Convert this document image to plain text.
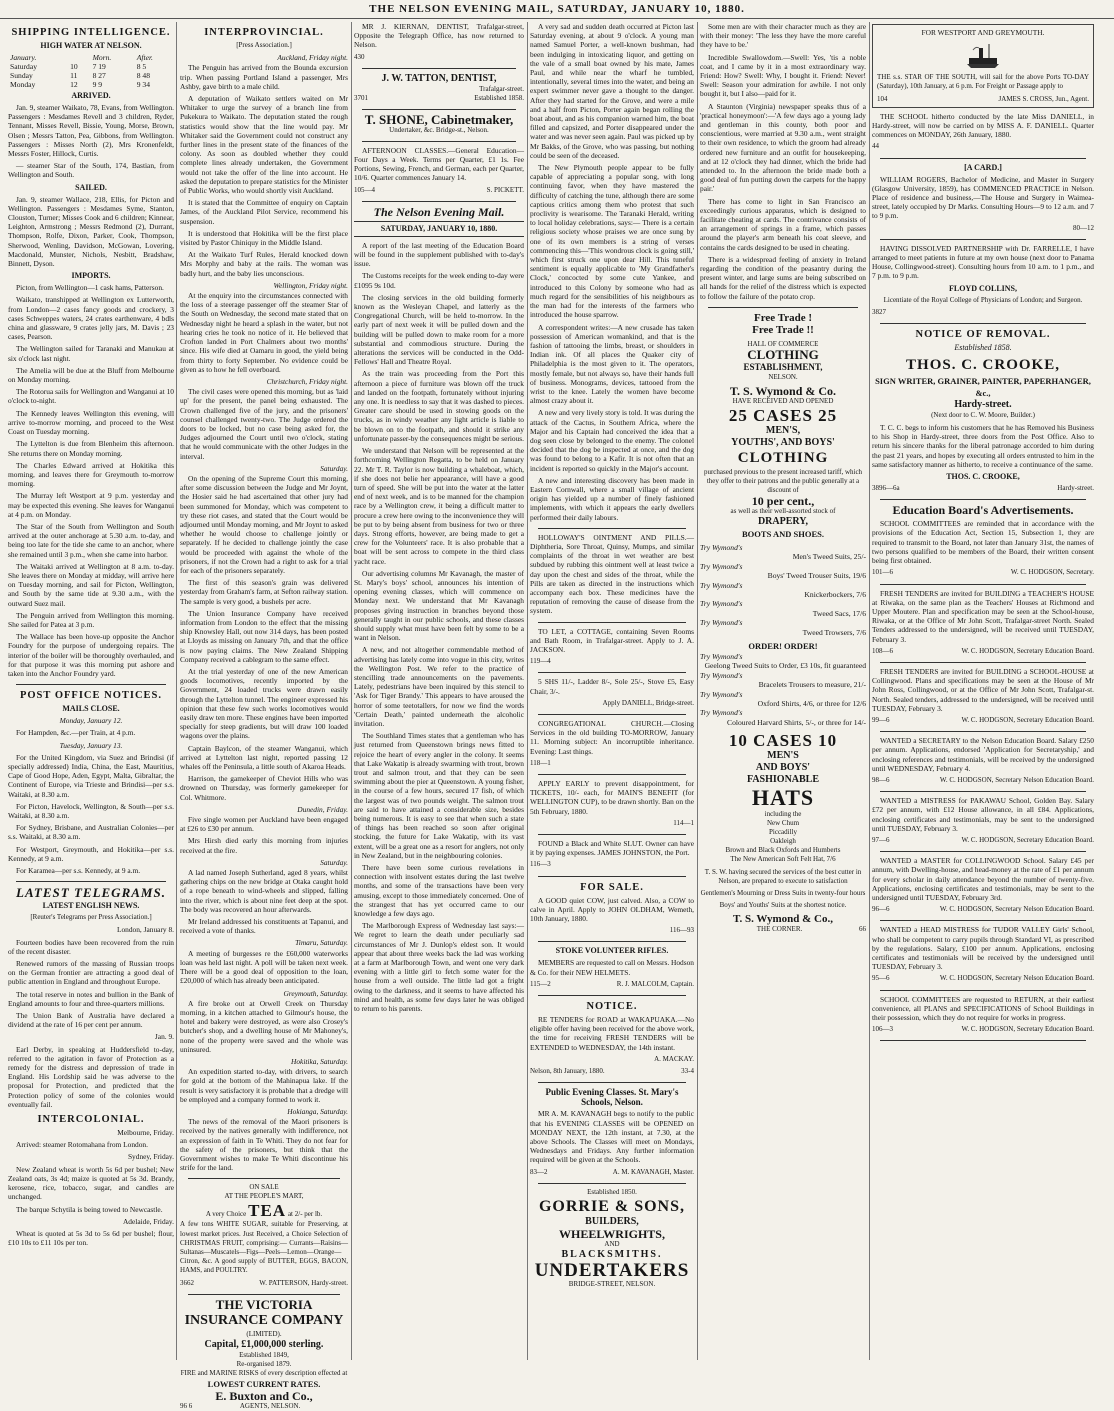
THE NELSON EVENING MAIL, SATURDAY, JANUARY 10, 1880.
SHIPPING INTELLIGENCE.
HIGH WATER AT NELSON.
January.		Morn.	After.
Saturday	10	7 19	8 5
Sunday	11	8 27	8 48
Monday	12	9 9	9 34
ARRIVED.

Jan. 9, steamer Waikato, 78, Evans, from Wellington. Passengers : Mesdames Revell and 3 children, Ryder, Tennant, Misses Revell, Bissie, Young, Morse, Brown, Olsen ; Messrs Tatton, Pea, Gibbons, from Wellington. Passengers : Misses North (2), Mrs Kronenfeldt, Messrs Foster, Hillock, Curtis.

— steamer Star of the South, 174, Bastian, from Wellington and South.

SAILED.

Jan. 9, steamer Wallace, 218, Ellis, for Picton and Wellington. Passengers : Mesdames Syme, Stanton, Clouston, Turner; Misses Cook and 6 children; Kinnear, Leighton, Armstrong ; Messrs Redmond (2), Durrant, Thompson, Rolfe, Dixon, Parker, Cook, Thompson, Sherwood, Wenling, Davidson, McGowan, Lovering, Macdonald, Munster, Nichols, Nesbitt, Bradshaw, Binnett, Dyson.

IMPORTS.

Picton, from Wellington—1 cask hams, Patterson.

Waikato, transhipped at Wellington ex Lutterworth, from London—2 cases fancy goods and crockery, 3 cases Schweppes waters, 24 crates earthenware, 4 bdls china and glassware, 9 crates jelly jars, M. Davis ; 23 cases, Pearson.

The Wellington sailed for Taranaki and Manukau at six o'clock last night.

The Amelia will be due at the Bluff from Melbourne on Monday morning.

The Rotorua sails for Wellington and Wanganui at 10 o'clock to-night.

The Kennedy leaves Wellington this evening, will arrive to-morrow morning, and proceed to the West Coast on Tuesday morning.

The Lyttelton is due from Blenheim this afternoon. She returns there on Monday morning.

The Charles Edward arrived at Hokitika this morning, and leaves there for Greymouth to-morrow morning.

The Murray left Westport at 9 p.m. yesterday and may be expected this evening. She leaves for Wanganui at 4 p.m. on Monday.

The Star of the South from Wellington and South arrived at the outer anchorage at 5.30 a.m. to-day, and being too late for the tide she came to an anchor, where she remained until 3 p.m., when she came into harbor.

The Waitaki arrived at Wellington at 8 a.m. to-day. She leaves there on Monday at midday, will arrive here on Tuesday morning, and sail for Picton, Wellington, and South by the same tide at 9.30 a.m., with the outward Suez mail.

The Penguin arrived from Wellington this morning. She sailed for Patea at 3 p.m.

The Wallace has been hove-up opposite the Anchor Foundry for the purpose of undergoing repairs. The interior of the boiler will be thoroughly overhauled, and for that purpose it was this morning put ashore and taken into the Anchor Foundry yard.

POST OFFICE NOTICES.
MAILS CLOSE.

Monday, January 12.

For Hampden, &c.—per Train, at 4 p.m.

Tuesday, January 13.

For the United Kingdom, via Suez and Brindisi (if specially addressed) India, China, the East, Mauritius, Cape of Good Hope, Aden, Egypt, Malta, Gibraltar, the Continent of Europe, via Trieste and Brindisi—per s.s. Waitaki, at 8.30 a.m.

For Picton, Havelock, Wellington, & South—per s.s. Waitaki, at 8.30 a.m.

For Sydney, Brisbane, and Australian Colonies—per s.s. Waitaki, at 8.30 a.m.

For Westport, Greymouth, and Hokitika—per s.s. Kennedy, at 9 a.m.

For Karamea—per s.s. Kennedy, at 9 a.m.

LATEST TELEGRAMS.
LATEST ENGLISH NEWS.

[Reuter's Telegrams per Press Association.]

London, January 8.

Fourteen bodies have been recovered from the ruin of the recent disaster.

Renewed rumors of the massing of Russian troops on the German frontier are attracting a good deal of public attention in England and throughout Europe.

The total reserve in notes and bullion in the Bank of England amounts to four and three-quarters millions.

The Union Bank of Australia have declared a dividend at the rate of 16 per cent per annum.

Jan. 9.

Earl Derby, in speaking at Huddersfield to-day, referred to the agitation in favor of Protection as a remedy for the distress and depression of trade in England. His Lordship said he was adverse to the proposal for Protection, and predicted that the Protection policy of some of the colonies would eventually fail.

INTERCOLONIAL.

Melbourne, Friday.

Arrived: steamer Rotomahana from London.

Sydney, Friday.

New Zealand wheat is worth 5s 6d per bushel; New Zealand oats, 3s 4d; maize is quoted at 5s 3d. Brandy, kerosene, rice, tobacco, sugar, and candles are unchanged.

The barque Schytila is being towed to Newcastle.

Adelaide, Friday.

Wheat is quoted at 5s 3d to 5s 6d per bushel; flour, £10 10s to £11 10s per ton.

INTERPROVINCIAL.

[Press Association.]

Auckland, Friday night.

The Penguin has arrived from the Bounda excursion trip. When passing Portland Island a passenger, Mrs Ashby, gave birth to a male child.

A deputation of Waikato settlers waited on Mr Whitaker to urge the survey of a branch line from Pukekura to Waikato. The deputation stated the rough statistics would show that the line would pay. Mr Whitaker said the Government could not construct any further lines in the present state of the finances of the colony. As soon as doubled whether they could complete lines already undertaken, the Government would not take the offer of the line into account. He asked the deputation to prepare statistics for the Minister of Public Works, who would shortly visit Auckland.

It is stated that the Committee of enquiry on Captain James, of the Auckland Pilot Service, recommend his suspension.

It is understood that Hokitika will be the first place visited by Pastor Chiniquy in the Middle Island.

At the Waikato Turf Rules, Herald knocked down Mrs Morphy and baby at the rails. The woman was badly hurt, and the baby lies unconscious.

Wellington, Friday night.

At the enquiry into the circumstances connected with the loss of a steerage passenger off the steamer Star of the South on Wednesday, the second mate stated that on Wednesday night he heard a splash in the water, but not hearing cries he took no notice of it. He believed that Crofton landed in Port Chalmers about two months' since. His wife died at Oamaru in good, the yield being from thirty to forty September. No evidence could be given as to how he fell overboard.

Christchurch, Friday night.

The civil cases were opened this morning, but as 'laid up' for the present, the panel being exhausted. The Crown challenged five of the jury, and the prisoners' counsel challenged twenty-two. The Judge ordered the doors to be locked, but no case being asked for, the Judges adjourned the Court until two o'clock, stating that he would communicate with the other Judges in the interval.

Saturday.

On the opening of the Supreme Court this morning, after some discussion between the Judge and Mr Joynt, the Hosier said he had ascertained that other jury had been summoned for Monday, which was competent to try these riot cases, and stated that the Court would be adjourned until Monday morning, and Mr Joynt to asked whether he would choose to challenge jointly or separately. If he decided to challenge jointly the case would be proceeded with against the whole of the prisoners, if not the Crown had a right to ask for a trial for each of the prisoners separately.

The first of this season's grain was delivered yesterday from Graham's farm, at Sefton railway station. The sample is very good, a bushels per acre.

The Union Insurance Company have received information from London to the effect that the missing ship Knowsley Hall, out now 314 days, has been posted at Lloyds as missing on January 7th, and that the office is now paying claims. The New Zealand Shipping Company received a cablegram to the same effect.

At the trial yesterday of one of the new American goods locomotives, recently imported by the Government, 24 loaded trucks were drawn easily through the Lyttelton tunnel. The engineer expressed his opinion that these few such works locomotives would easily draw ten more. These engines have been imported specially for steep gradients, but will draw 100 loaded wagons over the plains.

Captain Baylcon, of the steamer Wanganui, which arrived at Lyttelton last night, reported passing 12 whales off the Peninsula, a little south of Akaroa Heads.

Harrison, the gamekeeper of Cheviot Hills who was drowned on Thursday, was formerly gamekeeper for Col. Whitmore.

Dunedin, Friday.

Five single women per Auckland have been engaged at £26 to £30 per annum.

Mrs Hirsh died early this morning from injuries received at the fire.

Saturday.

A lad named Joseph Sutherland, aged 8 years, whilst gathering chips on the new bridge at Otaka caught hold of a rope beneath to wind-wheels and slipped, falling into the river, which is about nine feet deep at the spot. The body was recovered an hour afterwards.

Mr Ireland addressed his constituents at Tapanui, and received a vote of thanks.

Timaru, Saturday.

A meeting of burgesses re the £60,000 waterworks loan was held last night. A poll will be taken next week. There will be a good deal of opposition to the loan, £20,000 of which has already been anticipated.

Greymouth, Saturday.

A fire broke out at Orwell Creek on Thursday morning, in a kitchen attached to Gilmour's house, the hotel and bakery were destroyed, as were also Crosey's butcher's shop, and a dwelling house of Mr Mahoney's, none of the property were saved and the whole was uninsured.

Hokitika, Saturday.

An expedition started to-day, with drivers, to search for gold at the bottom of the Mahinapua lake. If the result is very satisfactory it is probable that a dredge will be employed and a company formed to work it.

Hokianga, Saturday.

The news of the removal of the Maori prisoners is received by the natives generally with indifference, not an expression of faith in Te Whiti. They do not fear for the safety of the prisoners, but think that the Government wishes to make Te Whiti discontinue his strife for the land.

ON SALE
AT THE PEOPLE'S MART,
A very Choice TEA at 2/- per lb.

A few tons WHITE SUGAR, suitable for Preserving, at lowest market prices. Just Received, a Choice Selection of CHRISTMAS FRUIT, comprising:— Currants—Raisins—Sultanas—Muscatels—Figs—Peels—Lemon—Orange—Citron, &c. A good supply of BUTTER, EGGS, BACON, HAMS, and POULTRY.

3662	W. PATTERSON, Hardy-street.
THE VICTORIA
INSURANCE COMPANY
(LIMITED).
Capital, £1,000,000 sterling.
Established 1849,
Re-organised 1879.
FIRE and MARINE RISKS of every description effected at
LOWEST CURRENT RATES.
E. Buxton and Co.,
96 6	AGENTS, NELSON.

MR J. KIERNAN, DENTIST, Trafalgar-street, Opposite the Telegraph Office, has now returned to Nelson.

430

J. W. TATTON, DENTIST,
Trafalgar-street.
3701	Established 1858.
T. SHONE, Cabinetmaker,
Undertaker, &c. Bridge-st., Nelson.

AFTERNOON CLASSES.—General Education—Four Days a Week. Terms per Quarter, £1 1s. Fee Portions, Sewing, French, and German, each per Quarter, 10/6. Quarter commences January 14.

105—4	S. PICKETT.
The Nelson Evening Mail.
SATURDAY, JANUARY 10, 1880.

A report of the last meeting of the Education Board will be found in the supplement published with to-day's issue.

The Customs receipts for the week ending to-day were £1095 9s 10d.

The closing services in the old building formerly known as the Wesleyan Chapel, and latterly as the Congregational Church, will be held to-morrow. In the early part of next week it will be pulled down and the building will be pulled down to make room for a more substantial and commodious structure. During the alterations the services will be conducted in the Odd-Fellows' Hall and Theatre Royal.

As the train was proceeding from the Port this afternoon a piece of furniture was blown off the truck and landed on the footpath, fortunately without injuring any one. It is needless to say that it was dashed to pieces. Greater care should be used in stowing goods on the trucks, as in windy weather any light article is liable to be blown on to the footpath, and should it strike any unfortunate passer-by the consequences might be serious.

We understand that Nelson will be represented at the forthcoming Wellington Regatta, to be held on January 22. Mr T. R. Taylor is now building a whaleboat, which, if she does not belie her appearance, will have a good turn of speed. She will be put into the water at the latter end of next week, and is to be manned for the champion race by a Wellington crew, it being a difficult matter to procure a crew here owing to the inconvenience they will be put to by being absent from business for two or three days. Strong efforts, however, are being made to get a crew for the Volunteers' race. It is also probable that a boat will be sent across to compete in the third class yacht race.

Our advertising columns Mr Kavanagh, the master of St. Mary's boys' school, announces his intention of opening evening classes, which will commence on Monday next. We understand that Mr Kavanagh proposes giving instruction in branches beyond those generally taught in our public schools, and these classes should supply what must have been felt by some to be a want in Nelson.

A new, and not altogether commendable method of advertising has lately come into vogue in this city, writes the Wellington Post. We refer to the practice of stencilling trade announcements on the pavements. Lately, pedestrians have been inquired by this stencil to 'Ask for Tiger Brandy.' This appears to have aroused the horror of some teetotallers, for now we find the words 'Certain Death,' painted underneath the alcoholic invitation.

The Southland Times states that a gentleman who has just returned from Queenstown brings news fitted to rejoice the heart of every angler in the colony. It seems that Lake Wakatip is already swarming with trout, brown trout and salmon trout, and that they can be seen swimming about the pier at Queenstown. A young fisher, in the course of a few hours, secured 17 fish, of which the largest was of two pounds weight. The salmon trout are said to have attained a considerable size, besides being numerous. It is easy to see that when such a state of things has been reached so soon after original stocking, the future for Lake Wakatip, with its vast extent, will be a great one as a resort for anglers, not only in New Zealand, but in the neighbouring colonies.

There have been some curious revelations in connection with insolvent estates during the last twelve months, and some of the transactions have been very amusing, except to those immediately concerned. One of the strangest that has yet occurred came to our knowledge a few days ago.

The Marlborough Express of Wednesday last says:—We regret to learn the death under peculiarly sad circumstances of Mr J. Dunlop's eldest son. It would appear that about three weeks back the lad was working at a farm at Marlborough Town, and went one very dark evening with a little girl to fetch some water for the house from a well outside. The little lad got a fright owing to the darkness, and it seems to have affected his mind and health, as some few days later he was obliged to return to his parents.

A very sad and sudden death occurred at Picton last Saturday evening, at about 9 o'clock. A young man named Samuel Porter, a well-known bushman, had been indulging in intoxicating liquor, and getting on the vale of a small boat owned by his mate, James Paul, and while near the wharf he tumbled, intentionally, several times into the water, and being an expert swimmer never gave a thought to the danger. After they had started for the Grove, and were a mile and a half from Picton, Porter again began rolling the boat about, and as his companion warned him, the boat filled and capsized, and Porter disappeared under the water and was never seen again. Paul was picked up by Mr Bakks, of the Grove, who was passing, but nothing could be seen of the deceased.

The New Plymouth people appear to be fully capable of appreciating a popular song, with long continuing favor, when they have mastered the difficulty of catching the tune, although there are some captious critics among them who protest that such proclivity is wearisome. The Taranaki Herald, writing to local holiday celebrations, says:— There is a certain religious society whose praises we are once sung by one of its own members is a string of verses commencing this—'This wondrous clock is going still,' which first struck one upon dear Hill. This tuneful sentiment is equally applicable to 'My Grandfather's Clock,' concocted by some cute Yankee, and introduced to this Colony by someone who had as much regard for the sensibilities of his neighbours as the man had for the interests of the farmers who introduced the house sparrow.

A correspondent writes:—A new crusade has taken possession of American womankind, and that is the fashion of tattooing the limbs, breast, or shoulders in Indian ink. Of all places the Quaker city of Philadelphia is the most given to it. The operators, mostly female, but not always so, have their hands full of business. Monograms, devices, tattooed from the wrist to the knee. Lately the women have become almost crazy about it.

A new and very lively story is told. It was during the attack of the Cactus, in Southern Africa, where the Major and his Captain had conceived the idea that a dog seen close by belonged to the enemy. The colonel decided that the dog be inspected at once, and the dog was found to belong to a Kafir. It is not often that an incident is reported so quickly in the Major's account.

A new and interesting discovery has been made in Eastern Cornwall, where a small village of ancient origin has yielded up a number of finely fashioned implements, with which it appears the early dwellers performed their daily labours.

HOLLOWAY'S OINTMENT AND PILLS.—Diphtheria, Sore Throat, Quinsy, Mumps, and similar complaints of the throat in wet weather are best subdued by rubbing this ointment well at least twice a day upon the chest and sides of the throat, while the Pills are taken as directed in the instructions which accompany each box. These medicines have the reputation of removing the cause of disease from the system.

TO LET, a COTTAGE, containing Seven Rooms and Bath Room, in Trafalgar-street. Apply to J. A. JACKSON.

119—4

5 SHS 11/-, Ladder 8/-, Sole 25/-, Stove £5, Easy Chair, 3/-.

Apply DANIELL, Bridge-street.

CONGREGATIONAL CHURCH.—Closing Services in the old building TO-MORROW, January 11. Morning subject: An incorruptible inheritance. Evening: Last things.

118—1

APPLY EARLY to prevent disappointment, for TICKETS, 10/- each, for MAIN'S BENEFIT (for WELLINGTON CUP), to be drawn shortly. Ban on the 5th February, 1880.

114—1

FOUND a Black and White SLUT. Owner can have it by paying expenses. JAMES JOHNSTON, the Port.

116—3

FOR SALE.

A GOOD quiet COW, just calved. Also, a COW to calve in April. Apply to JOHN OLDHAM, Wemeth, 10th January, 1880.

116—93

STOKE VOLUNTEER RIFLES.

MEMBERS are requested to call on Messrs. Hodson & Co. for their NEW HELMETS.

115—2	R. J. MALCOLM, Captain.
NOTICE.

RE TENDERS for ROAD at WAKAPUAKA.—No eligible offer having been received for the above work, the time for receiving FRESH TENDERS will be EXTENDED to WEDNESDAY, the 14th instant.

A. MACKAY.

Nelson, 8th January, 1880.	33-4
Public Evening Classes. St. Mary's Schools, Nelson.

MR A. M. KAVANAGH begs to notify to the public that his EVENING CLASSES will be OPENED on MONDAY NEXT, the 12th instant, at 7.30, at the above Schools. The Classes will meet on Mondays, Wednesdays and Fridays. Any further information required will be given at the Schools.

83—2	A. M. KAVANAGH, Master.
Established 1850.
GORRIE & SONS,
BUILDERS,
WHEELWRIGHTS,
AND
BLACKSMITHS.
UNDERTAKERS
BRIDGE-STREET, NELSON.

Some men are with their character much as they are with their money: 'The less they have the more careful they have to be.'

Incredible Swallowdom.—Swell: Yes, 'tis a noble coat, and I came by it in a most extraordinary way. Friend: How? Swell: Why, I bought it. Friend: Never! Swell: Season your admiration for awhile. I not only bought it, but I also—paid for it.

A Staunton (Virginia) newspaper speaks thus of a 'practical honeymoon':—'A few days ago a young lady and gentleman in this county, both poor and conscientious, were married at 9.30 a.m., went straight to their own residence, to which the groom had already ordered new furniture and an outfit for housekeeping, and at 12 o'clock they had dinner, which the bride had attended to. In the afternoon the bride made both a good deal of fun putting down the carpets for the happy pair.'

There has come to light in San Francisco an exceedingly curious apparatus, which is designed to facilitate cheating at cards. The contrivance consists of an arrangement of springs in a frame, which passes around the player's arm beneath his coat sleeve, and contains the cards designed to be used in cheating.

There is a widespread feeling of anxiety in Ireland regarding the condition of the peasantry during the present winter, and large sums are being subscribed on all hands for the relief of the distress which is expected to follow the failure of the potato crop.

Free Trade !
Free Trade !!
HALL OF COMMERCE
CLOTHING
ESTABLISHMENT,
NELSON.
T. S. Wymond & Co.
HAVE RECEIVED AND OPENED
25 CASES 25
MEN'S,
YOUTHS', AND BOYS'
CLOTHING
purchased previous to the present increased tariff, which they offer to their patrons and the public generally at a discount of
10 per cent.,
as well as their well-assorted stock of
DRAPERY,
BOOTS AND SHOES.
Try Wymond's
Men's Tweed Suits, 25/-
Try Wymond's
Boys' Tweed Trouser Suits, 19/6
Try Wymond's
Knickerbockers, 7/6
Try Wymond's
Tweed Sacs, 17/6
Try Wymond's
Tweed Trowsers, 7/6
ORDER! ORDER!
Try Wymond's
Geelong Tweed Suits to Order, £3 10s, fit guaranteed
Try Wymond's
Bracelets Trousers to measure, 21/-
Try Wymond's
Oxford Shirts, 4/6, or three for 12/6
Try Wymond's
Coloured Harvard Shirts, 5/-, or three for 14/-
10 CASES 10
MEN'S
AND BOYS'
FASHIONABLE
HATS
including the
New Chum
Piccadilly
Oakleigh
Brown and Black Oxfords and Humberts
The New American Soft Felt Hat, 7/6
T. S. W. having secured the services of the best cutter in Nelson, are prepared to execute to satisfaction
Gentlemen's Mourning or Dress Suits in twenty-four hours
Boys' and Youths' Suits at the shortest notice.
T. S. Wymond & Co.,
THE CORNER.	66
FOR WESTPORT AND GREYMOUTH.

THE s.s. STAR OF THE SOUTH, will sail for the above Ports TO-DAY (Saturday), 10th January, at 6 p.m. For Freight or Passage apply to

104	JAMES S. CROSS, Jun., Agent.

THE SCHOOL hitherto conducted by the late Miss DANIELL, in Hardy-street, will now be carried on by MISS A. F. DANIELL. Quarter commences on MONDAY, 26th January, 1880.

44

[A CARD.]

WILLIAM ROGERS, Bachelor of Medicine, and Master in Surgery (Glasgow University, 1859), has COMMENCED PRACTICE in Nelson. Place of residence and business,—The House and Surgery in Waimea-street, lately occupied by Dr Marks. Consulting Hours—9 to 12 a.m. and 7 to 9 p.m.

80—12

HAVING DISSOLVED PARTNERSHIP with Dr. FARRELLE, I have arranged to meet patients in future at my own house (next door to Panama House, Collingwood-street). Consulting hours from 10 a.m. to 1 p.m., and 7 p.m. to 9 p.m.

FLOYD COLLINS,

Licentiate of the Royal College of Physicians of London; and Surgeon.

3827

NOTICE OF REMOVAL.
Established 1858.
THOS. C. CROOKE,
SIGN WRITER, GRAINER, PAINTER, PAPERHANGER, &c.,
Hardy-street.
(Next door to C. W. Moore, Builder.)

T. C. C. begs to inform his customers that he has Removed his Business to his Shop in Hardy-street, three doors from the Post Office. Also to return his sincere thanks for the liberal patronage accorded to him during the past 21 years, and hopes by executing all orders entrusted to him in the same satisfactory manner as hitherto, to receive a continuance of the same.

THOS. C. CROOKE,
3896—6a	Hardy-street.
Education Board's Advertisements.

SCHOOL COMMITTEES are reminded that in accordance with the provisions of the Education Act, Section 15, Subsection 1, they are required to transmit to the Board, not later than January 31st, the names of two persons qualified to be members of the Board, their written consent being first obtained.

101—6	W. C. HODGSON, Secretary.

FRESH TENDERS are invited for BUILDING a TEACHER'S HOUSE at Riwaka, on the same plan as the Teachers' Houses at Richmond and Upper Moutere. Plan and specification may be seen at the School-house, Riwaka, or at the Office of Mr John Scott, Trafalgar-street North. Sealed Tenders addressed to the undersigned, will be received until TUESDAY, February 3.

108—6	W. C. HODGSON, Secretary Education Board.

FRESH TENDERS are invited for BUILDING a SCHOOL-HOUSE at Collingwood. Plans and specifications may be seen at the House of Mr John Ross, Collingwood, or at the Office of Mr John Scott, Trafalgar-st. North. Sealed tenders, addressed to the undersigned, will be received until TUESDAY, February 3.

99—6	W. C. HODGSON, Secretary Education Board.

WANTED a SECRETARY to the Nelson Education Board. Salary £250 per annum. Applications, endorsed 'Application for Secretaryship,' and enclosing references and testimonials, will be received by the undersigned until WEDNESDAY, February 4.

98—6	W. C. HODGSON, Secretary Nelson Education Board.

WANTED a MISTRESS for PAKAWAU School, Golden Bay. Salary £72 per annum, with £12 House allowance, in all £84. Applications, enclosing certificates and testimonials, may be sent to the undersigned until TUESDAY, February 3.

97—6	W. C. HODGSON, Secretary Education Board.

WANTED a MASTER for COLLINGWOOD School. Salary £45 per annum, with Dwelling-house, and head-money at the rate of £1 per annum for every scholar in daily attendance beyond the number of twenty-five. Applications, enclosing certificates and testimonials, may be sent to the undersigned until TUESDAY, February 3rd.

96—6	W. C. HODGSON, Secretary Nelson Education Board.

WANTED a HEAD MISTRESS for TUDOR VALLEY Girls' School, who shall be competent to carry pupils through Standard VI, as prescribed by the regulations. Salary, £100 per annum. Applications, enclosing certificates and testimonials will be received by the undersigned until TUESDAY, February 3.

95—6	W. C. HODGSON, Secretary Nelson Education Board.

SCHOOL COMMITTEES are requested to RETURN, at their earliest convenience, all PLANS and SPECIFICATIONS of School Buildings in their possession, which they do not require for works in progress.

106—3	W. C. HODGSON, Secretary Education Board.
